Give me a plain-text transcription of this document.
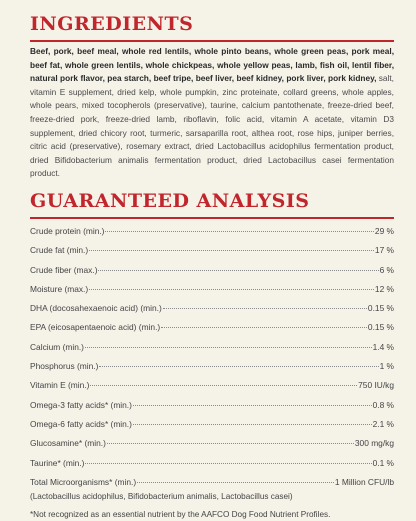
INGREDIENTS
Beef, pork, beef meal, whole red lentils, whole pinto beans, whole green peas, pork meal, beef fat, whole green lentils, whole chickpeas, whole yellow peas, lamb, fish oil, lentil fiber, natural pork flavor, pea starch, beef tripe, beef liver, beef kidney, pork liver, pork kidney, salt, vitamin E supplement, dried kelp, whole pumpkin, zinc proteinate, collard greens, whole apples, whole pears, mixed tocopherols (preservative), taurine, calcium pantothenate, freeze-dried beef, freeze-dried pork, freeze-dried lamb, riboflavin, folic acid, vitamin A acetate, vitamin D3 supplement, dried chicory root, turmeric, sarsaparilla root, althea root, rose hips, juniper berries, citric acid (preservative), rosemary extract, dried Lactobacillus acidophilus fermentation product, dried Bifidobacterium animalis fermentation product, dried Lactobacillus casei fermentation product.
GUARANTEED ANALYSIS
Crude protein (min.)	29 %
Crude fat (min.)	17 %
Crude fiber (max.)	6 %
Moisture (max.)	12 %
DHA (docosahexaenoic acid) (min.)	0.15 %
EPA (eicosapentaenoic acid) (min.)	0.15 %
Calcium (min.)	1.4 %
Phosphorus (min.)	1 %
Vitamin E (min.)	750 IU/kg
Omega-3 fatty acids* (min.)	0.8 %
Omega-6 fatty acids* (min.)	2.1 %
Glucosamine* (min.)	300 mg/kg
Taurine* (min.)	0.1 %
Total Microorganisms* (min.)	1 Million CFU/lb
(Lactobacillus acidophilus, Bifidobacterium animalis, Lactobacillus casei)
*Not recognized as an essential nutrient by the AAFCO Dog Food Nutrient Profiles.
